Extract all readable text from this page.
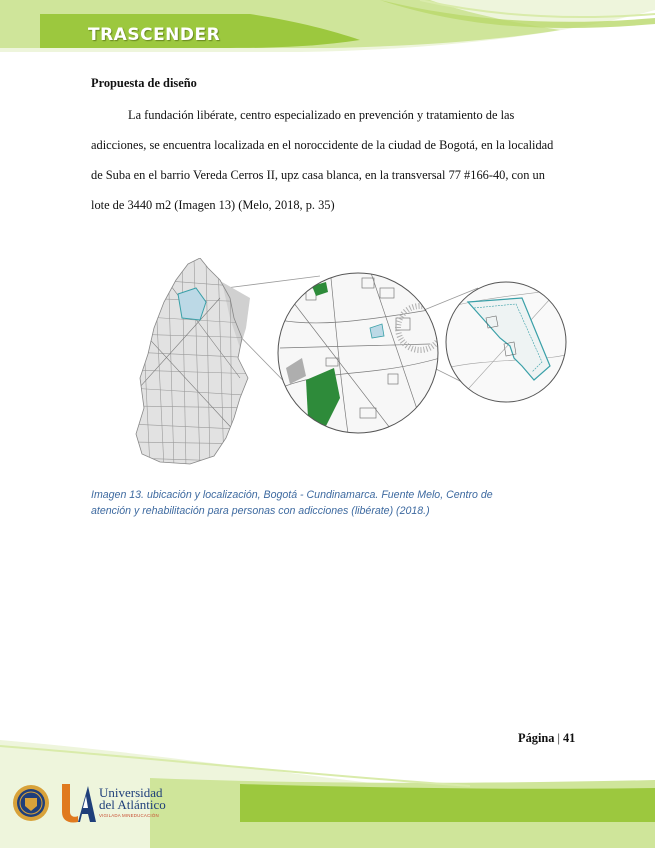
TRASCENDER
Propuesta de diseño
La fundación libérate, centro especializado en prevención y tratamiento de las
adicciones, se encuentra localizada en el noroccidente de la ciudad de Bogotá, en la localidad
de Suba en el barrio Vereda Cerros II, upz casa blanca, en la transversal 77 #166-40, con un
lote de 3440 m2 (Imagen 13) (Melo, 2018, p. 35)
Imagen 13. ubicación y localización, Bogotá - Cundinamarca. Fuente Melo, Centro de
atención y rehabilitación para personas con adicciones (libérate) (2018.)
Página | 41
Universidad
del Atlántico
VIGILADA MINEDUCACIÓN
